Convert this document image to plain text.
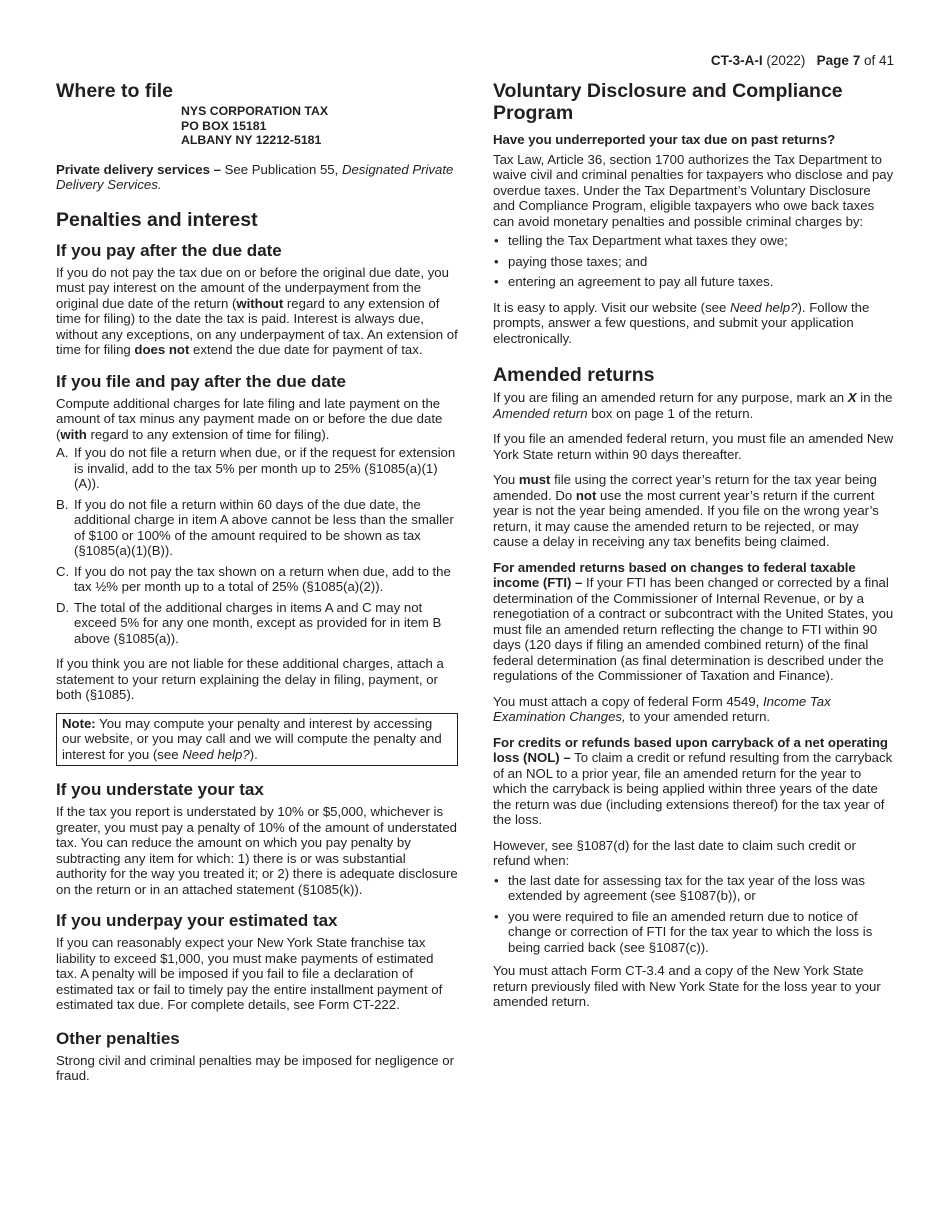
CT-3-A-I (2022) Page 7 of 41
Where to file
NYS CORPORATION TAX
PO BOX 15181
ALBANY NY 12212-5181

Private delivery services – See Publication 55, Designated Private Delivery Services.

Penalties and interest
If you pay after the due date

If you do not pay the tax due on or before the original due date, you must pay interest on the amount of the underpayment from the original due date of the return (without regard to any extension of time for filing) to the date the tax is paid. Interest is always due, without any exceptions, on any underpayment of tax. An extension of time for filing does not extend the due date for payment of tax.

If you file and pay after the due date

Compute additional charges for late filing and late payment on the amount of tax minus any payment made on or before the due date (with regard to any extension of time for filing).

A. If you do not file a return when due, or if the request for extension is invalid, add to the tax 5% per month up to 25% (§1085(a)(1)(A)).
B. If you do not file a return within 60 days of the due date, the additional charge in item A above cannot be less than the smaller of $100 or 100% of the amount required to be shown as tax (§1085(a)(1)(B)).
C. If you do not pay the tax shown on a return when due, add to the tax ½% per month up to a total of 25% (§1085(a)(2)).
D. The total of the additional charges in items A and C may not exceed 5% for any one month, except as provided for in item B above (§1085(a)).

If you think you are not liable for these additional charges, attach a statement to your return explaining the delay in filing, payment, or both (§1085).

Note: You may compute your penalty and interest by accessing our website, or you may call and we will compute the penalty and interest for you (see Need help?).

If you understate your tax

If the tax you report is understated by 10% or $5,000, whichever is greater, you must pay a penalty of 10% of the amount of understated tax. You can reduce the amount on which you pay penalty by subtracting any item for which: 1) there is or was substantial authority for the way you treated it; or 2) there is adequate disclosure on the return or in an attached statement (§1085(k)).

If you underpay your estimated tax

If you can reasonably expect your New York State franchise tax liability to exceed $1,000, you must make payments of estimated tax. A penalty will be imposed if you fail to file a declaration of estimated tax or fail to timely pay the entire installment payment of estimated tax due. For complete details, see Form CT-222.

Other penalties

Strong civil and criminal penalties may be imposed for negligence or fraud.

Voluntary Disclosure and Compliance Program

Have you underreported your tax due on past returns?

Tax Law, Article 36, section 1700 authorizes the Tax Department to waive civil and criminal penalties for taxpayers who disclose and pay overdue taxes. Under the Tax Department’s Voluntary Disclosure and Compliance Program, eligible taxpayers who owe back taxes can avoid monetary penalties and possible criminal charges by:

• telling the Tax Department what taxes they owe;
• paying those taxes; and
• entering an agreement to pay all future taxes.

It is easy to apply. Visit our website (see Need help?). Follow the prompts, answer a few questions, and submit your application electronically.

Amended returns

If you are filing an amended return for any purpose, mark an X in the Amended return box on page 1 of the return.

If you file an amended federal return, you must file an amended New York State return within 90 days thereafter.

You must file using the correct year’s return for the tax year being amended. Do not use the most current year’s return if the current year is not the year being amended. If you file on the wrong year’s return, it may cause the amended return to be rejected, or may cause a delay in receiving any tax benefits being claimed.

For amended returns based on changes to federal taxable income (FTI) – If your FTI has been changed or corrected by a final determination of the Commissioner of Internal Revenue, or by a renegotiation of a contract or subcontract with the United States, you must file an amended return reflecting the change to FTI within 90 days (120 days if filing an amended combined return) of the final federal determination (as final determination is described under the regulations of the Commissioner of Taxation and Finance).

You must attach a copy of federal Form 4549, Income Tax Examination Changes, to your amended return.

For credits or refunds based upon carryback of a net operating loss (NOL) – To claim a credit or refund resulting from the carryback of an NOL to a prior year, file an amended return for the year to which the carryback is being applied within three years of the date the return was due (including extensions thereof) for the tax year of the loss.

However, see §1087(d) for the last date to claim such credit or refund when:

• the last date for assessing tax for the tax year of the loss was extended by agreement (see §1087(b)), or
• you were required to file an amended return due to notice of change or correction of FTI for the tax year to which the loss is being carried back (see §1087(c)).

You must attach Form CT-3.4 and a copy of the New York State return previously filed with New York State for the loss year to your amended return.
